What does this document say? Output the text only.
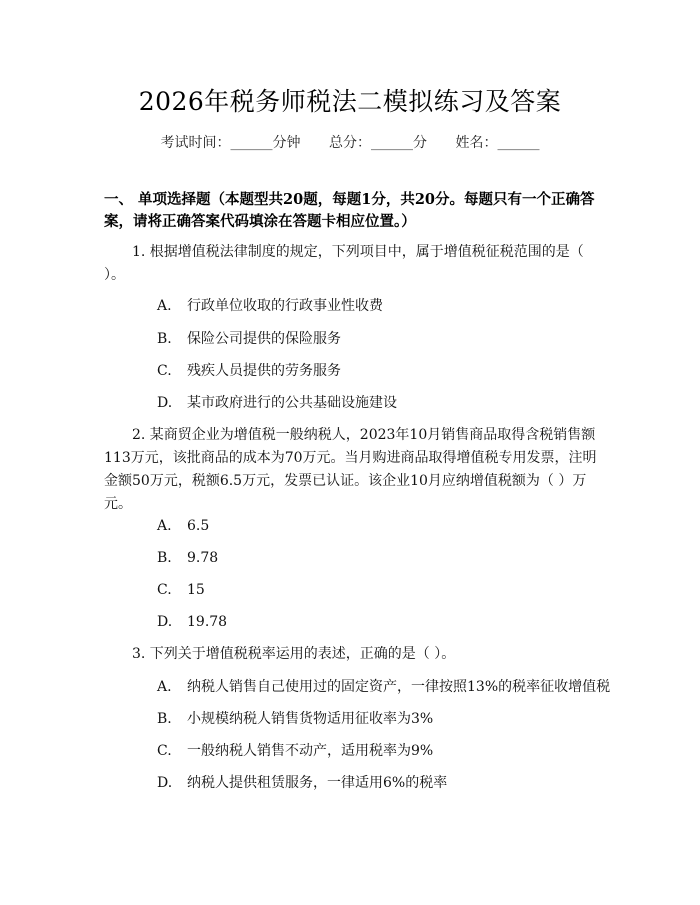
2026年税务师税法二模拟练习及答案
考试时间：______分钟 总分：______分 姓名：______
一、 单项选择题（本题型共20题，每题1分，共20分。每题只有一个正确答案，请将正确答案代码填涂在答题卡相应位置。）
1. 根据增值税法律制度的规定，下列项目中，属于增值税征税范围的是（ ）。
A. 行政单位收取的行政事业性收费
B. 保险公司提供的保险服务
C. 残疾人员提供的劳务服务
D. 某市政府进行的公共基础设施建设
2. 某商贸企业为增值税一般纳税人，2023年10月销售商品取得含税销售额113万元，该批商品的成本为70万元。当月购进商品取得增值税专用发票，注明金额50万元，税额6.5万元，发票已认证。该企业10月应纳增值税额为（ ）万元。
A. 6.5
B. 9.78
C. 15
D. 19.78
3. 下列关于增值税税率运用的表述，正确的是（ ）。
A. 纳税人销售自己使用过的固定资产，一律按照13%的税率征收增值税
B. 小规模纳税人销售货物适用征收率为3%
C. 一般纳税人销售不动产，适用税率为9%
D. 纳税人提供租赁服务，一律适用6%的税率
